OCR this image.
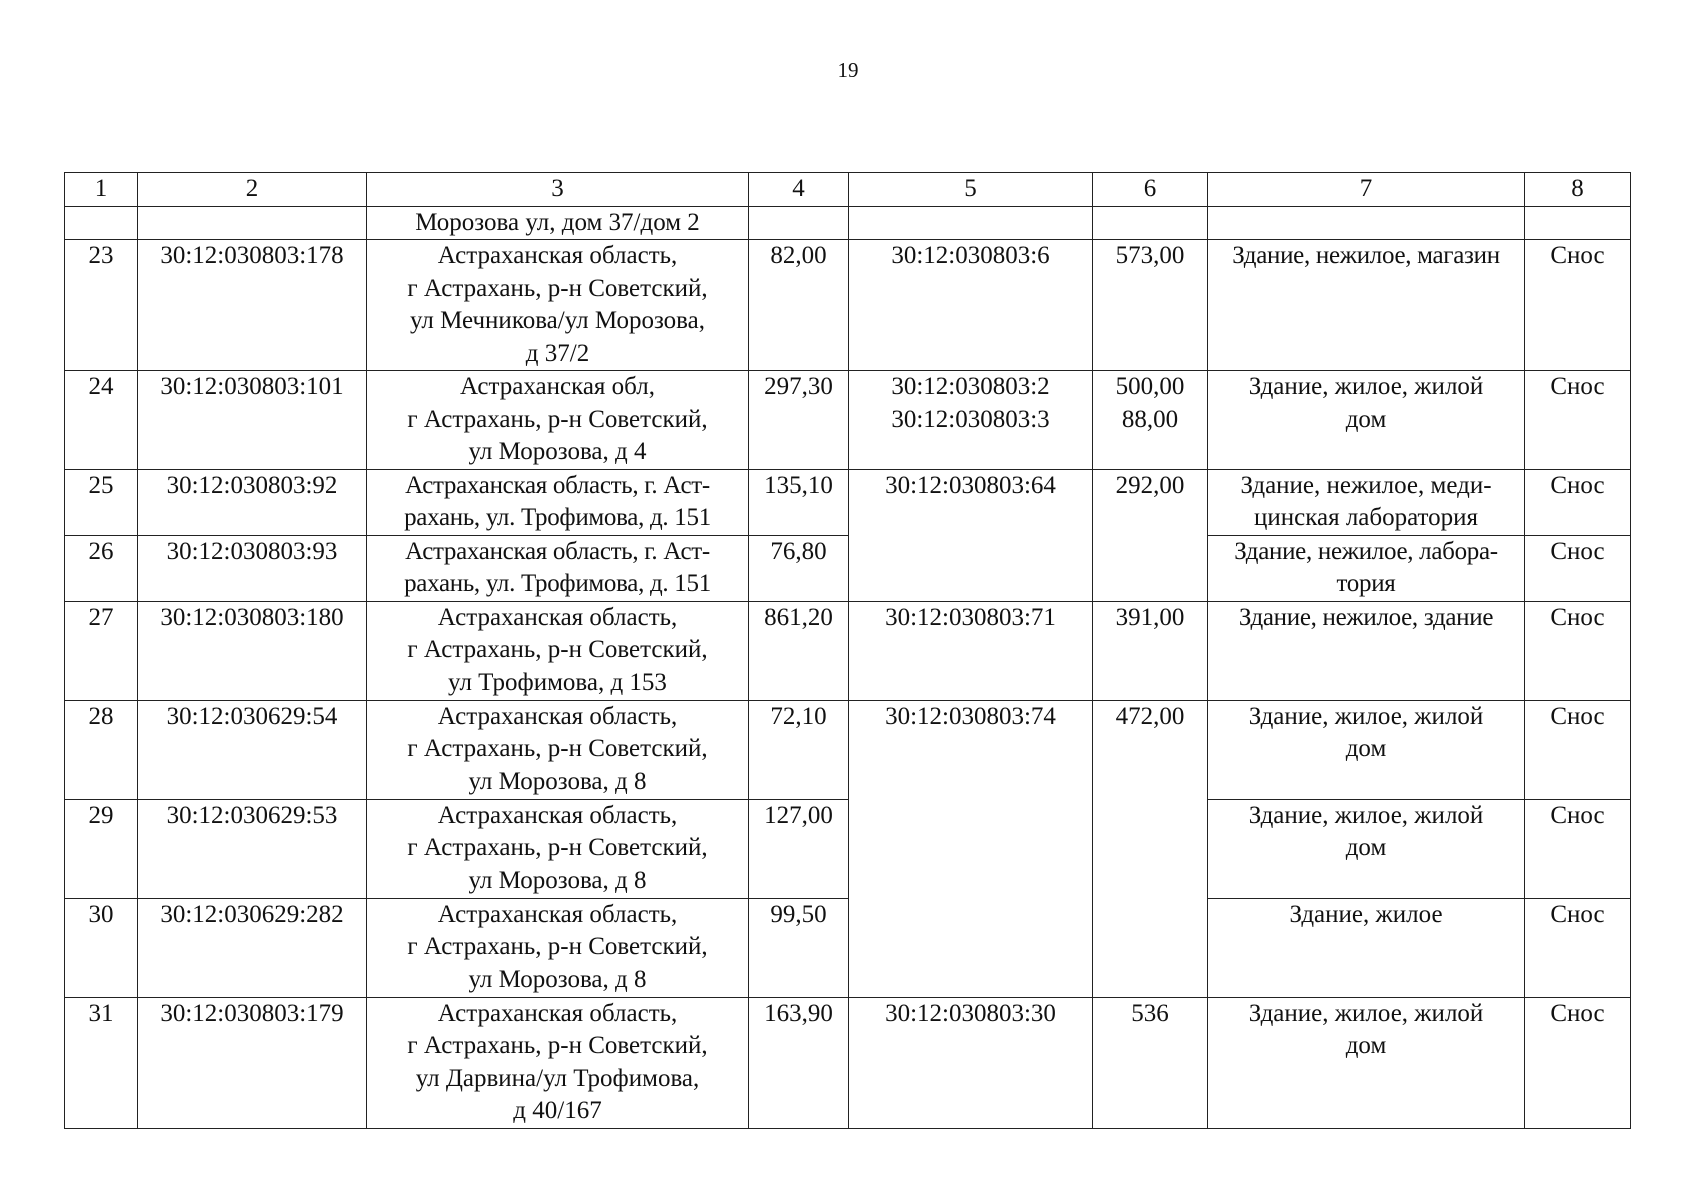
19
1	2	3	4	5	6	7	8
		Морозова ул, дом 37/дом 2					
23	30:12:030803:178	Астраханская область,
г Астрахань, р-н Советский,
ул Мечникова/ул Морозова,
д 37/2	82,00	30:12:030803:6	573,00	Здание, нежилое, магазин	Снос
24	30:12:030803:101	Астраханская обл,
г Астрахань, р-н Советский,
ул Морозова, д 4	297,30	30:12:030803:2
30:12:030803:3	500,00
88,00	Здание, жилое, жилой
дом	Снос
25	30:12:030803:92	Астраханская область, г. Аст-
рахань, ул. Трофимова, д. 151	135,10	30:12:030803:64	292,00	Здание, нежилое, меди-
цинская лаборатория	Снос
26	30:12:030803:93	Астраханская область, г. Аст-
рахань, ул. Трофимова, д. 151	76,80			Здание, нежилое, лабора-
тория	Снос
27	30:12:030803:180	Астраханская область,
г Астрахань, р-н Советский,
ул Трофимова, д 153	861,20	30:12:030803:71	391,00	Здание, нежилое, здание	Снос
28	30:12:030629:54	Астраханская область,
г Астрахань, р-н Советский,
ул Морозова, д 8	72,10	30:12:030803:74	472,00	Здание, жилое, жилой
дом	Снос
29	30:12:030629:53	Астраханская область,
г Астрахань, р-н Советский,
ул Морозова, д 8	127,00			Здание, жилое, жилой
дом	Снос
30	30:12:030629:282	Астраханская область,
г Астрахань, р-н Советский,
ул Морозова, д 8	99,50			Здание, жилое	Снос
31	30:12:030803:179	Астраханская область,
г Астрахань, р-н Советский,
ул Дарвина/ул Трофимова,
д 40/167	163,90	30:12:030803:30	536	Здание, жилое, жилой
дом	Снос
